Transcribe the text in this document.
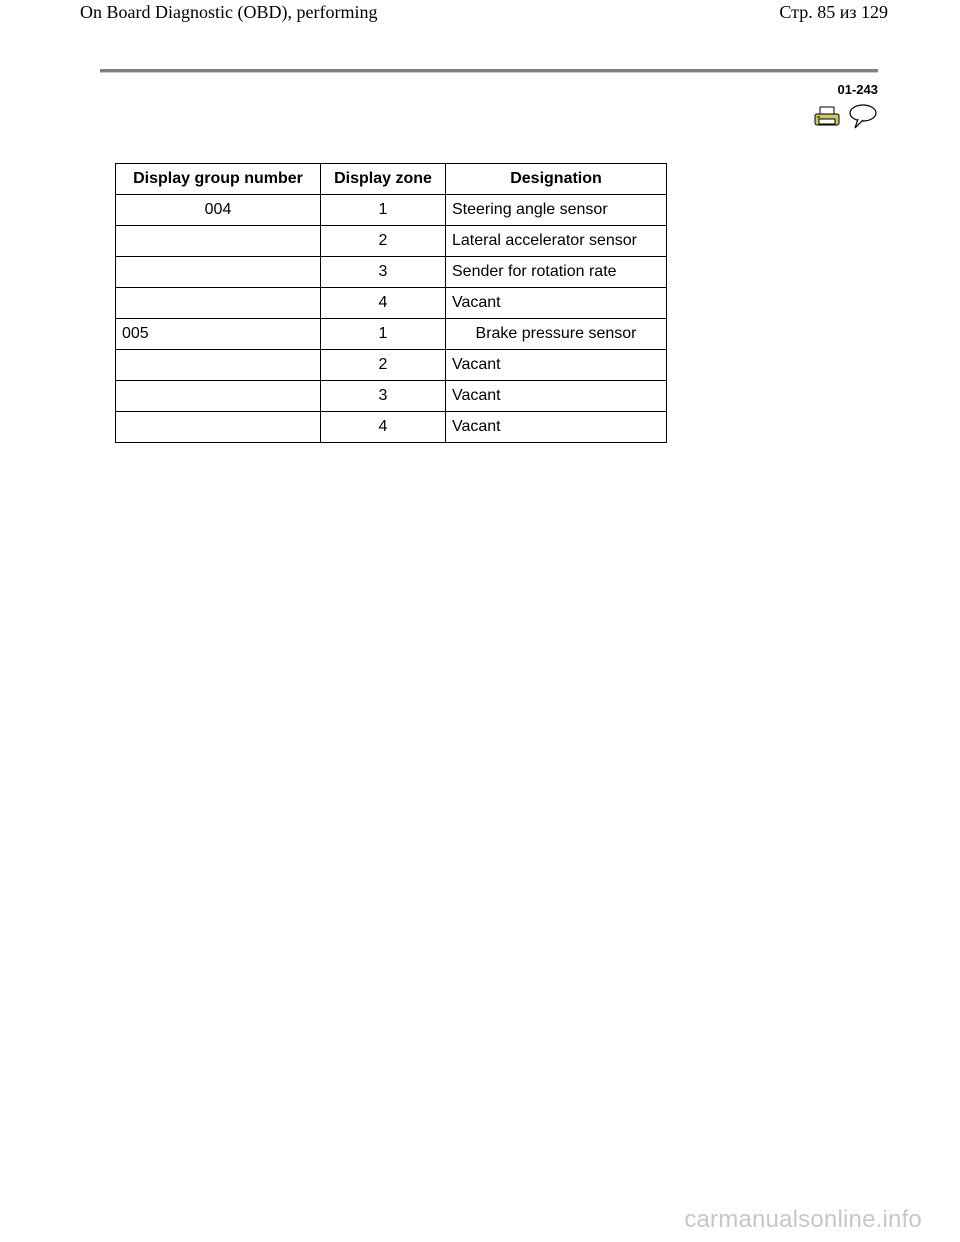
On Board Diagnostic (OBD), performing	Стр. 85 из 129
01-243
Display group number	Display zone	Designation
004	1	Steering angle sensor
	2	Lateral accelerator sensor
	3	Sender for rotation rate
	4	Vacant
005	1	Brake pressure sensor
	2	Vacant
	3	Vacant
	4	Vacant
carmanualsonline.info
